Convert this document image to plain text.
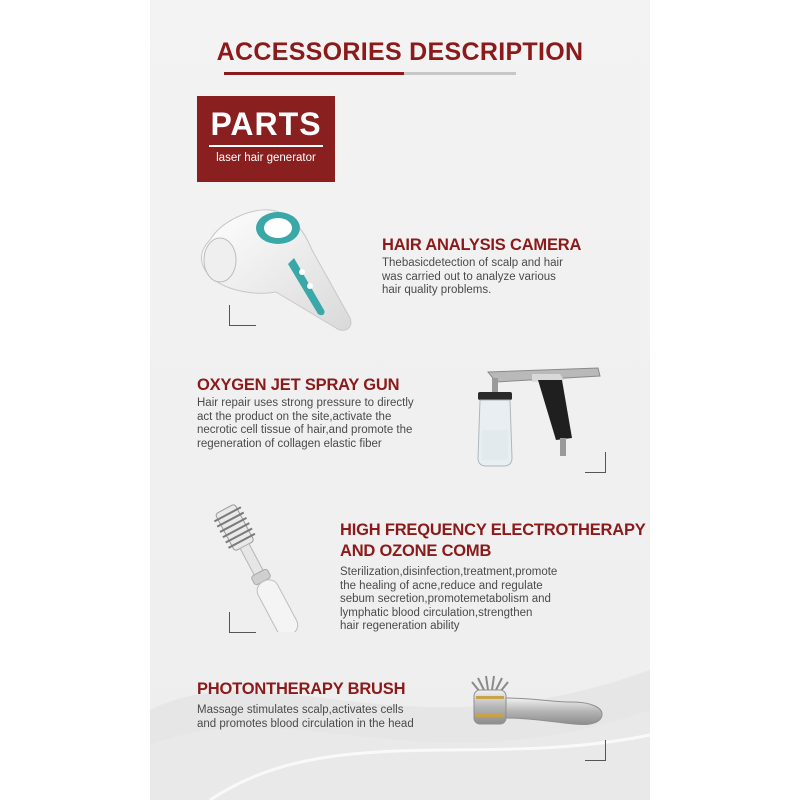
ACCESSORIES DESCRIPTION
PARTS
laser hair generator
HAIR ANALYSIS CAMERA
Thebasicdetection of scalp and hair
was carried out to analyze various
hair quality problems.
OXYGEN JET SPRAY GUN
Hair repair uses strong pressure to directly
act the product on the site,activate the
necrotic cell tissue of hair,and promote the
regeneration of collagen elastic fiber
HIGH FREQUENCY ELECTROTHERAPY
AND OZONE COMB
Sterilization,disinfection,treatment,promote
the healing of acne,reduce and regulate
sebum secretion,promotemetabolism and
lymphatic blood circulation,strengthen
hair regeneration ability
PHOTONTHERAPY BRUSH
Massage stimulates scalp,activates cells
and promotes blood circulation in the head
